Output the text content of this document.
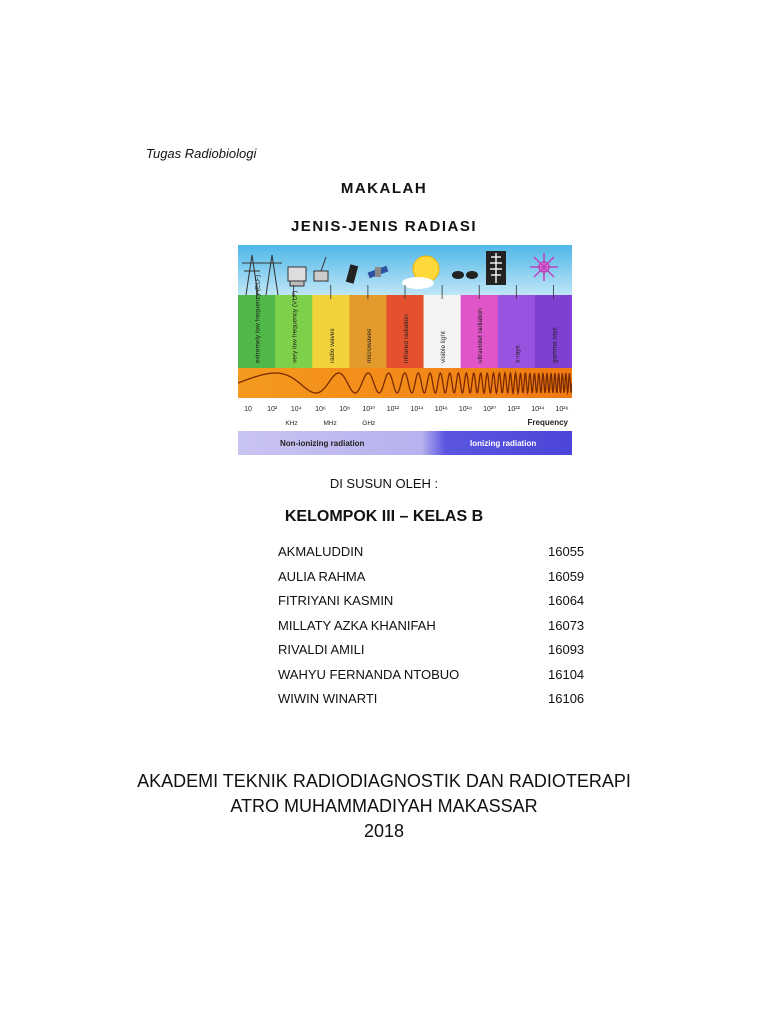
Tugas Radiobiologi
MAKALAH
JENIS-JENIS RADIASI
extremely low frequency (ELF)	very low frequency (VLF)	radio waves	microwaves	infrared radiation	visible light	ultraviolet radiation	x-rays	gamma rays
10 10² 10⁴ 10⁶ 10⁸ 10¹⁰ 10¹² 10¹⁴ 10¹⁶ 10¹⁸ 10²⁰ 10²² 10²⁴ 10²⁶
KHz	MHz	GHz	Frequency
Non-ionizing radiation	Ionizing radiation
DI SUSUN OLEH :
KELOMPOK III – KELAS B
AKMALUDDIN	16055
AULIA RAHMA	16059
FITRIYANI KASMIN	16064
MILLATY AZKA KHANIFAH	16073
RIVALDI AMILI	16093
WAHYU FERNANDA NTOBUO	16104
WIWIN WINARTI	16106
AKADEMI TEKNIK RADIODIAGNOSTIK DAN RADIOTERAPI
ATRO MUHAMMADIYAH MAKASSAR
2018
